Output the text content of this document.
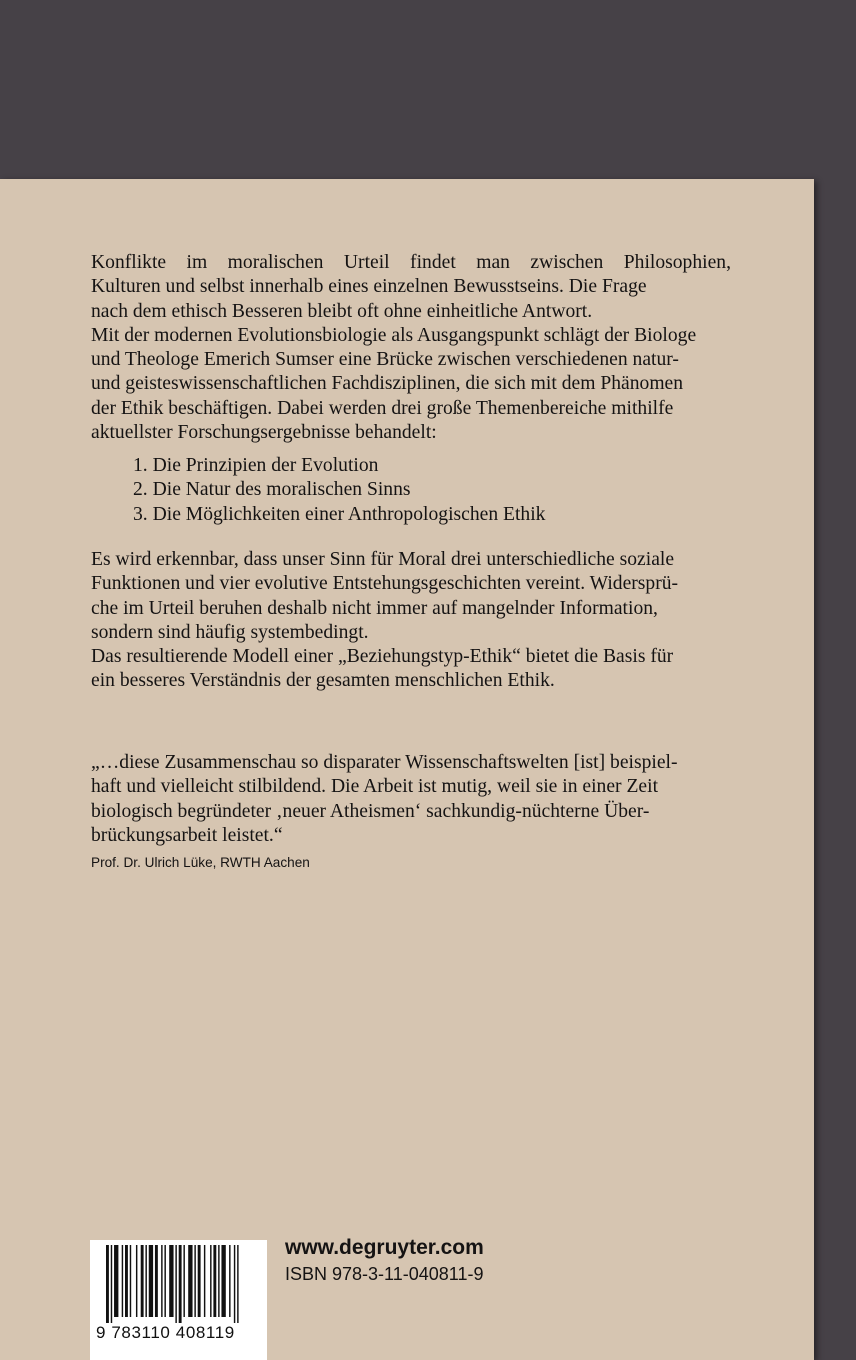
Konflikte im moralischen Urteil findet man zwischen Philosophien,
Kulturen und selbst innerhalb eines einzelnen Bewusstseins. Die Frage
nach dem ethisch Besseren bleibt oft ohne einheitliche Antwort.
Mit der modernen Evolutionsbiologie als Ausgangspunkt schlägt der Biologe
und Theologe Emerich Sumser eine Brücke zwischen verschiedenen natur-
und geisteswissenschaftlichen Fachdisziplinen, die sich mit dem Phänomen
der Ethik beschäftigen. Dabei werden drei große Themenbereiche mithilfe
aktuellster Forschungsergebnisse behandelt:
1. Die Prinzipien der Evolution
2. Die Natur des moralischen Sinns
3. Die Möglichkeiten einer Anthropologischen Ethik
Es wird erkennbar, dass unser Sinn für Moral drei unterschiedliche soziale
Funktionen und vier evolutive Entstehungsgeschichten vereint. Widersprü-
che im Urteil beruhen deshalb nicht immer auf mangelnder Information,
sondern sind häufig systembedingt.
Das resultierende Modell einer „Beziehungstyp-Ethik“ bietet die Basis für
ein besseres Verständnis der gesamten menschlichen Ethik.
„…diese Zusammenschau so disparater Wissenschaftswelten [ist] beispiel-
haft und vielleicht stilbildend. Die Arbeit ist mutig, weil sie in einer Zeit
biologisch begründeter ‚neuer Atheismen‘ sachkundig-nüchterne Über-
brückungsarbeit leistet.“
Prof. Dr. Ulrich Lüke, RWTH Aachen
9 783110 408119
www.degruyter.com
ISBN 978-3-11-040811-9
